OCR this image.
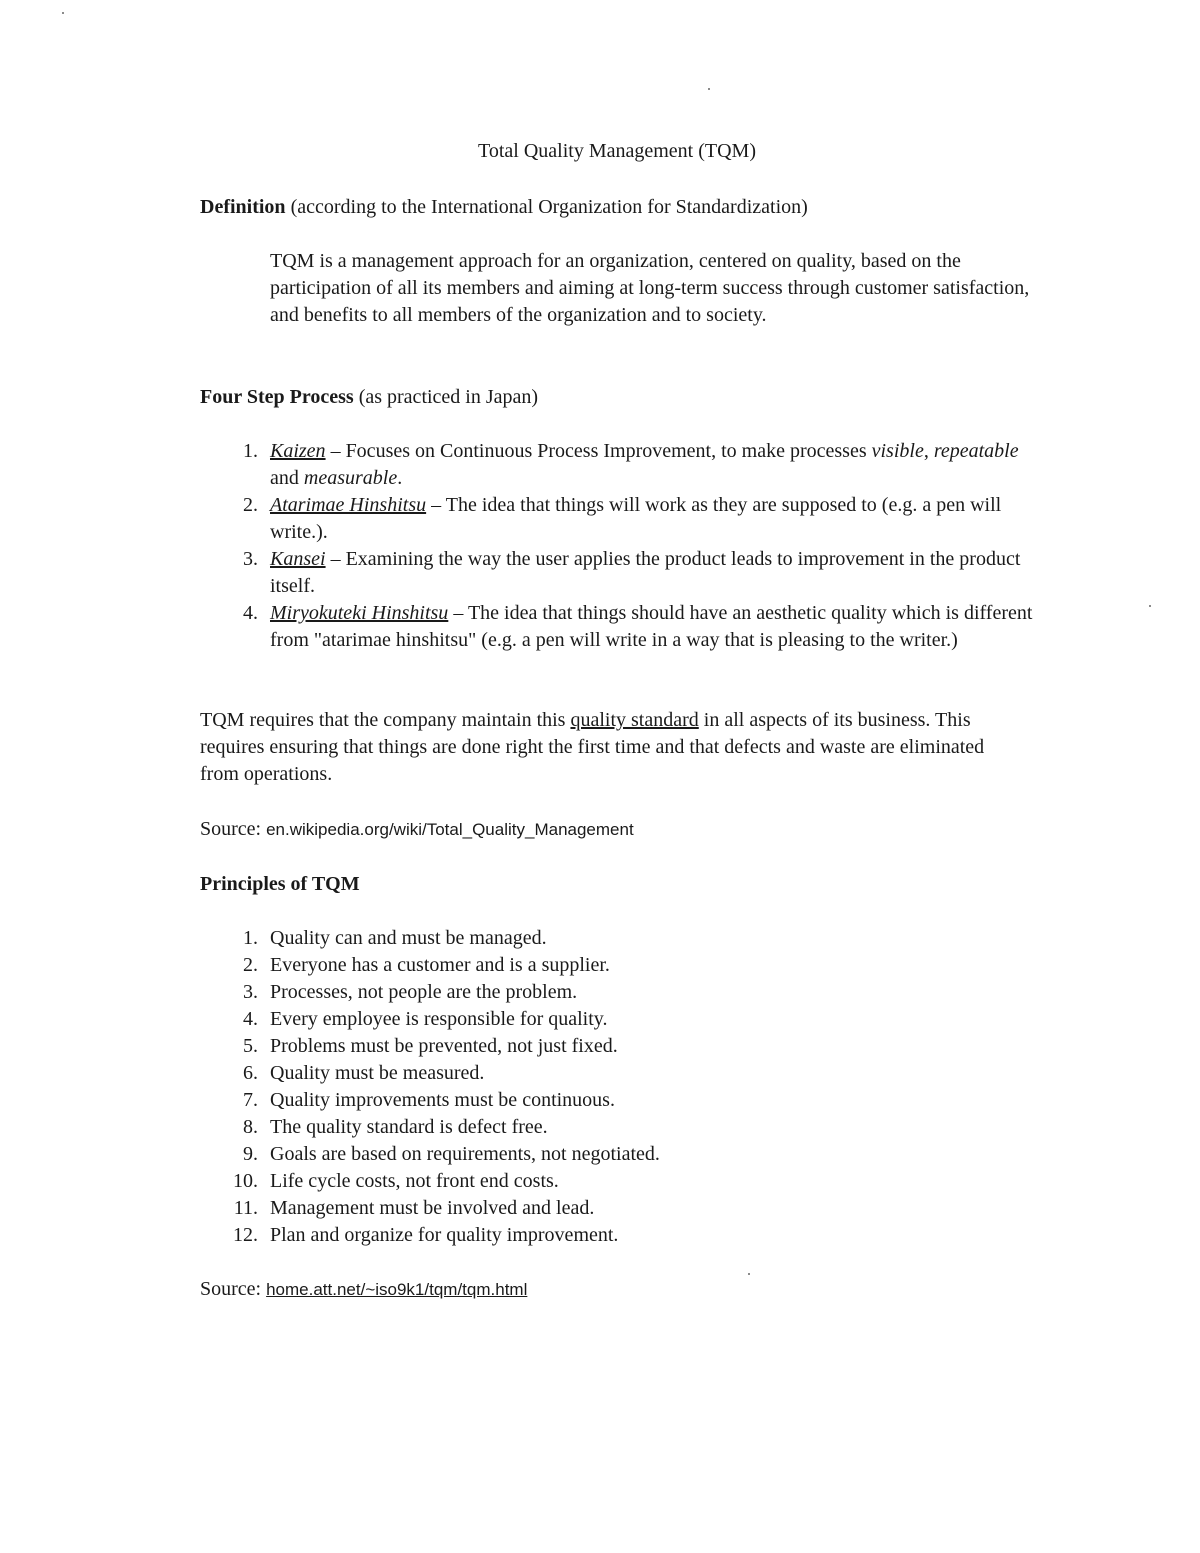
Total Quality Management (TQM)
Definition (according to the International Organization for Standardization)
TQM is a management approach for an organization, centered on quality, based on the participation of all its members and aiming at long-term success through customer satisfaction, and benefits to all members of the organization and to society.
Four Step Process (as practiced in Japan)
1. Kaizen – Focuses on Continuous Process Improvement, to make processes visible, repeatable and measurable.
2. Atarimae Hinshitsu – The idea that things will work as they are supposed to (e.g. a pen will write.).
3. Kansei – Examining the way the user applies the product leads to improvement in the product itself.
4. Miryokuteki Hinshitsu – The idea that things should have an aesthetic quality which is different from "atarimae hinshitsu" (e.g. a pen will write in a way that is pleasing to the writer.)
TQM requires that the company maintain this quality standard in all aspects of its business. This requires ensuring that things are done right the first time and that defects and waste are eliminated from operations.
Source: en.wikipedia.org/wiki/Total_Quality_Management
Principles of TQM
1. Quality can and must be managed.
2. Everyone has a customer and is a supplier.
3. Processes, not people are the problem.
4. Every employee is responsible for quality.
5. Problems must be prevented, not just fixed.
6. Quality must be measured.
7. Quality improvements must be continuous.
8. The quality standard is defect free.
9. Goals are based on requirements, not negotiated.
10. Life cycle costs, not front end costs.
11. Management must be involved and lead.
12. Plan and organize for quality improvement.
Source: home.att.net/~iso9k1/tqm/tqm.html
